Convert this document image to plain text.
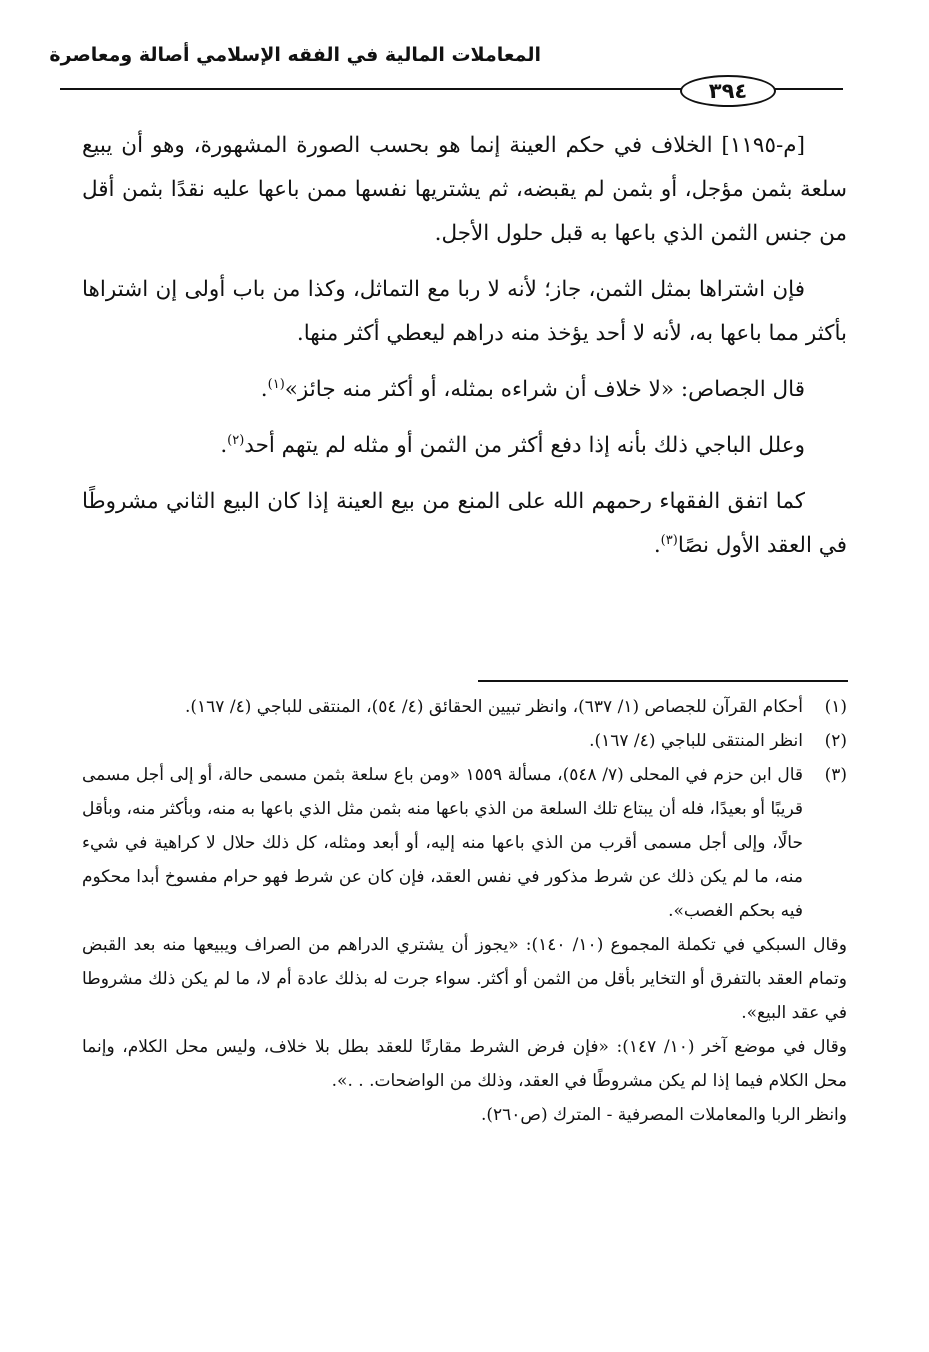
المعاملات المالية في الفقه الإسلامي أصالة ومعاصرة
٣٩٤

[م-١١٩٥] الخلاف في حكم العينة إنما هو بحسب الصورة المشهورة، وهو أن يبيع سلعة بثمن مؤجل، أو بثمن لم يقبضه، ثم يشتريها نفسها ممن باعها عليه نقدًا بثمن أقل من جنس الثمن الذي باعها به قبل حلول الأجل.

فإن اشتراها بمثل الثمن، جاز؛ لأنه لا ربا مع التماثل، وكذا من باب أولى إن اشتراها بأكثر مما باعها به، لأنه لا أحد يؤخذ منه دراهم ليعطي أكثر منها.

قال الجصاص: «لا خلاف أن شراءه بمثله، أو أكثر منه جائز»$^{(١)}$.

وعلل الباجي ذلك بأنه إذا دفع أكثر من الثمن أو مثله لم يتهم أحد$^{(٢)}$.

كما اتفق الفقهاء رحمهم الله على المنع من بيع العينة إذا كان البيع الثاني مشروطًا في العقد الأول نصًا$^{(٣)}$.

(١)
أحكام القرآن للجصاص (١/ ٦٣٧)، وانظر تبيين الحقائق (٤/ ٥٤)، المنتقى للباجي (٤/ ١٦٧).

(٢)
انظر المنتقى للباجي (٤/ ١٦٧).

(٣)
قال ابن حزم في المحلى (٧/ ٥٤٨)، مسألة ١٥٥٩ «ومن باع سلعة بثمن مسمى حالة، أو إلى أجل مسمى قريبًا أو بعيدًا، فله أن يبتاع تلك السلعة من الذي باعها منه بثمن مثل الذي باعها به منه، وبأكثر منه، وبأقل حالًا، وإلى أجل مسمى أقرب من الذي باعها منه إليه، أو أبعد ومثله، كل ذلك حلال لا كراهية في شيء منه، ما لم يكن ذلك عن شرط مذكور في نفس العقد، فإن كان عن شرط فهو حرام مفسوخ أبدا محكوم فيه بحكم الغصب».

وقال السبكي في تكملة المجموع (١٠/ ١٤٠): «يجوز أن يشتري الدراهم من الصراف ويبيعها منه بعد القبض وتمام العقد بالتفرق أو التخاير بأقل من الثمن أو أكثر. سواء جرت له بذلك عادة أم لا، ما لم يكن ذلك مشروطا في عقد البيع».

وقال في موضع آخر (١٠/ ١٤٧): «فإن فرض الشرط مقارنًا للعقد بطل بلا خلاف، وليس محل الكلام، وإنما محل الكلام فيما إذا لم يكن مشروطًا في العقد، وذلك من الواضحات. . .».

وانظر الربا والمعاملات المصرفية - المترك (ص٢٦٠).
